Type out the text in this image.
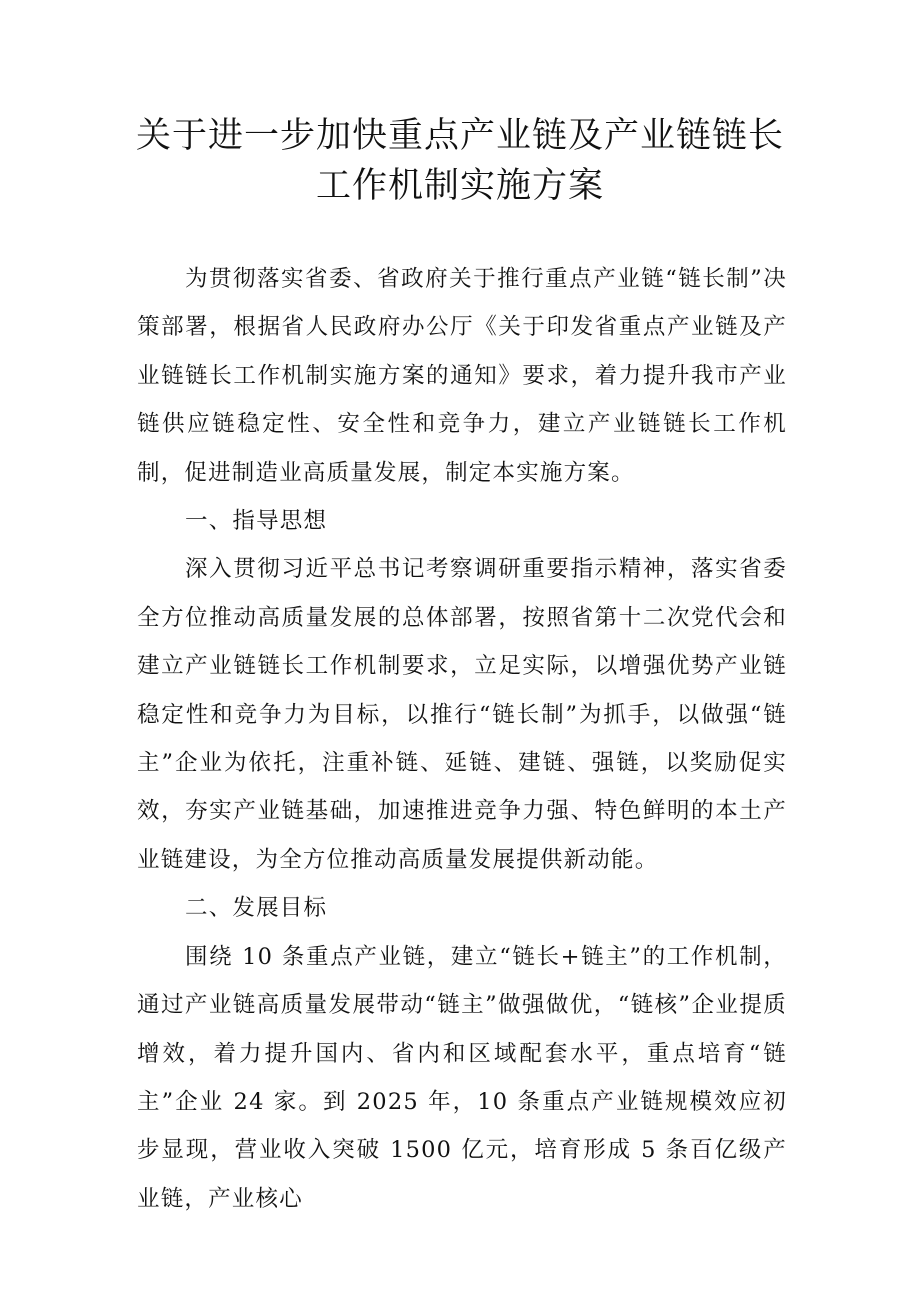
关于进一步加快重点产业链及产业链链长
工作机制实施方案

为贯彻落实省委、省政府关于推行重点产业链“链长制”决策部署，根据省人民政府办公厅《关于印发省重点产业链及产业链链长工作机制实施方案的通知》要求，着力提升我市产业链供应链稳定性、安全性和竞争力，建立产业链链长工作机制，促进制造业高质量发展，制定本实施方案。

一、指导思想

深入贯彻习近平总书记考察调研重要指示精神，落实省委全方位推动高质量发展的总体部署，按照省第十二次党代会和建立产业链链长工作机制要求，立足实际，以增强优势产业链稳定性和竞争力为目标，以推行“链长制”为抓手，以做强“链主”企业为依托，注重补链、延链、建链、强链，以奖励促实效，夯实产业链基础，加速推进竞争力强、特色鲜明的本土产业链建设，为全方位推动高质量发展提供新动能。

二、发展目标

围绕 10 条重点产业链，建立“链长+链主”的工作机制，通过产业链高质量发展带动“链主”做强做优，“链核”企业提质增效，着力提升国内、省内和区域配套水平，重点培育“链主”企业 24 家。到 2025 年，10 条重点产业链规模效应初步显现，营业收入突破 1500 亿元，培育形成 5 条百亿级产业链，产业核心
